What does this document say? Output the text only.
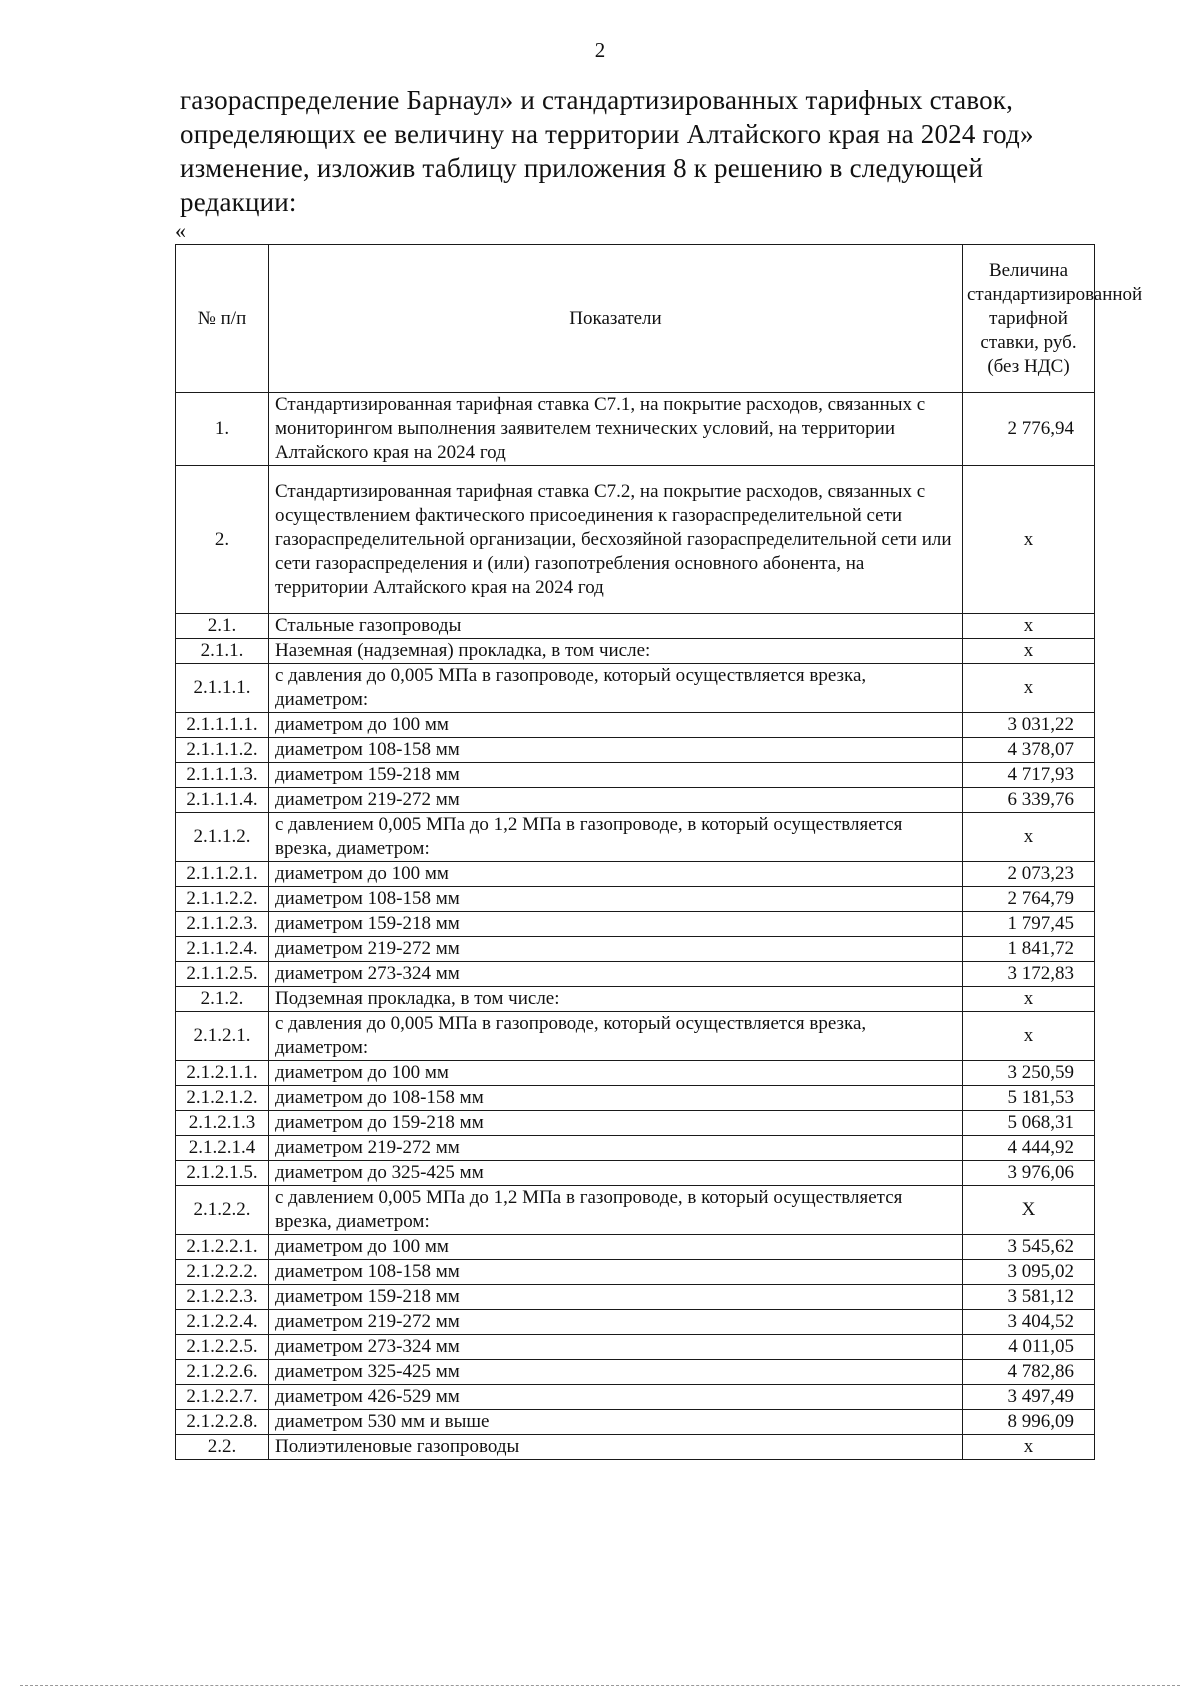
2
газораспределение Барнаул» и стандартизированных тарифных ставок,
определяющих ее величину на территории Алтайского края на 2024 год»
изменение, изложив таблицу приложения 8 к решению в следующей
редакции:
«
№ п/п	Показатели	Величина стандартизированной тарифной ставки, руб. (без НДС)
1.	Стандартизированная тарифная ставка С7.1, на покрытие расходов, связанных с мониторингом выполнения заявителем технических условий, на территории Алтайского края на 2024 год	2 776,94
2.	Стандартизированная тарифная ставка С7.2, на покрытие расходов, связанных с осуществлением фактического присоединения к газораспределительной сети газораспределительной организации, бесхозяйной газораспределительной сети или сети газораспределения и (или) газопотребления основного абонента, на территории Алтайского края на 2024 год	х
2.1.	Стальные газопроводы	х
2.1.1.	Наземная (надземная) прокладка, в том числе:	х
2.1.1.1.	с давления до 0,005 МПа в газопроводе, который осуществляется врезка, диаметром:	х
2.1.1.1.1.	диаметром до 100 мм	3 031,22
2.1.1.1.2.	диаметром 108-158 мм	4 378,07
2.1.1.1.3.	диаметром 159-218 мм	4 717,93
2.1.1.1.4.	диаметром 219-272 мм	6 339,76
2.1.1.2.	с давлением 0,005 МПа до 1,2 МПа в газопроводе, в который осуществляется врезка, диаметром:	х
2.1.1.2.1.	диаметром до 100 мм	2 073,23
2.1.1.2.2.	диаметром 108-158 мм	2 764,79
2.1.1.2.3.	диаметром 159-218 мм	1 797,45
2.1.1.2.4.	диаметром 219-272 мм	1 841,72
2.1.1.2.5.	диаметром 273-324 мм	3 172,83
2.1.2.	Подземная прокладка, в том числе:	х
2.1.2.1.	с давления до 0,005 МПа в газопроводе, который осуществляется врезка, диаметром:	х
2.1.2.1.1.	диаметром до 100 мм	3 250,59
2.1.2.1.2.	диаметром до 108-158 мм	5 181,53
2.1.2.1.3	диаметром до 159-218 мм	5 068,31
2.1.2.1.4	диаметром 219-272 мм	4 444,92
2.1.2.1.5.	диаметром до 325-425 мм	3 976,06
2.1.2.2.	с давлением 0,005 МПа до 1,2 МПа в газопроводе, в который осуществляется врезка, диаметром:	Х
2.1.2.2.1.	диаметром до 100 мм	3 545,62
2.1.2.2.2.	диаметром 108-158 мм	3 095,02
2.1.2.2.3.	диаметром 159-218 мм	3 581,12
2.1.2.2.4.	диаметром 219-272 мм	3 404,52
2.1.2.2.5.	диаметром 273-324 мм	4 011,05
2.1.2.2.6.	диаметром 325-425 мм	4 782,86
2.1.2.2.7.	диаметром 426-529 мм	3 497,49
2.1.2.2.8.	диаметром 530 мм и выше	8 996,09
2.2.	Полиэтиленовые газопроводы	х
